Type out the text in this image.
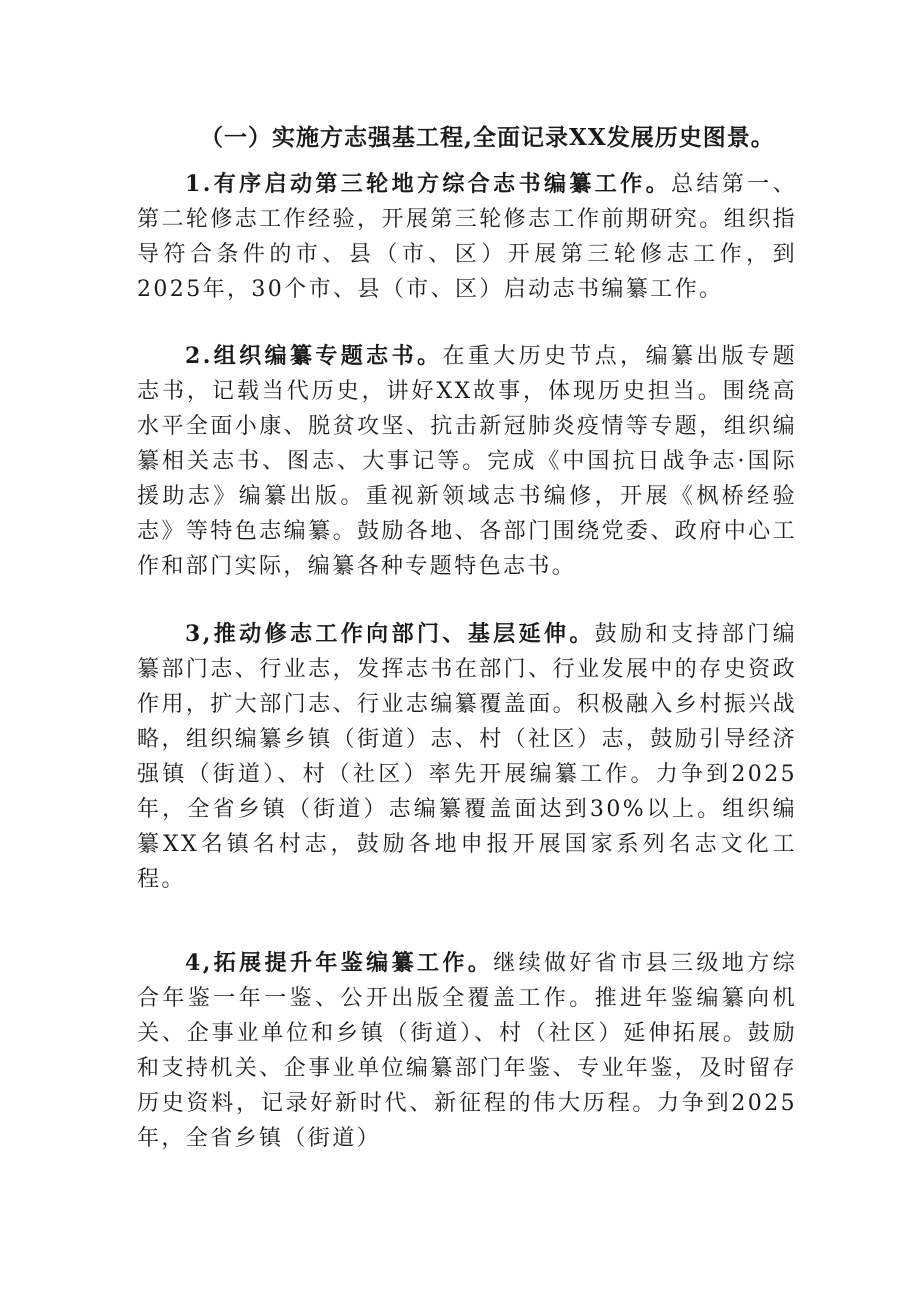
（一）实施方志强基工程,全面记录XX发展历史图景。

1.有序启动第三轮地方综合志书编纂工作。总结第一、第二轮修志工作经验，开展第三轮修志工作前期研究。组织指导符合条件的市、县（市、区）开展第三轮修志工作，到2025年，30个市、县（市、区）启动志书编纂工作。

2.组织编纂专题志书。在重大历史节点，编纂出版专题志书，记载当代历史，讲好XX故事，体现历史担当。围绕高水平全面小康、脱贫攻坚、抗击新冠肺炎疫情等专题，组织编纂相关志书、图志、大事记等。完成《中国抗日战争志·国际援助志》编纂出版。重视新领域志书编修，开展《枫桥经验志》等特色志编纂。鼓励各地、各部门围绕党委、政府中心工作和部门实际，编纂各种专题特色志书。

3,推动修志工作向部门、基层延伸。鼓励和支持部门编纂部门志、行业志，发挥志书在部门、行业发展中的存史资政作用，扩大部门志、行业志编纂覆盖面。积极融入乡村振兴战略，组织编纂乡镇（街道）志、村（社区）志，鼓励引导经济强镇（街道）、村（社区）率先开展编纂工作。力争到2025年，全省乡镇（街道）志编纂覆盖面达到30%以上。组织编纂XX名镇名村志，鼓励各地申报开展国家系列名志文化工程。

4,拓展提升年鉴编纂工作。继续做好省市县三级地方综合年鉴一年一鉴、公开出版全覆盖工作。推进年鉴编纂向机关、企事业单位和乡镇（街道）、村（社区）延伸拓展。鼓励和支持机关、企事业单位编纂部门年鉴、专业年鉴，及时留存历史资料，记录好新时代、新征程的伟大历程。力争到2025年，全省乡镇（街道）
